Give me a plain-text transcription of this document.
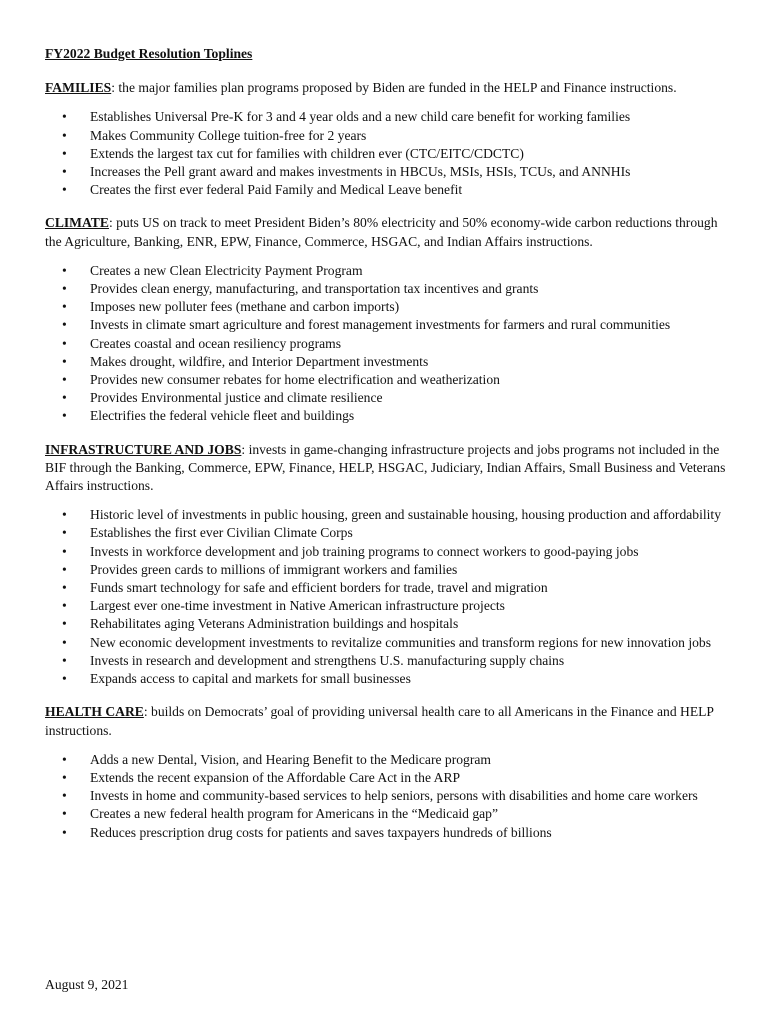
FY2022 Budget Resolution Toplines

FAMILIES: the major families plan programs proposed by Biden are funded in the HELP and Finance instructions.

• Establishes Universal Pre-K for 3 and 4 year olds and a new child care benefit for working families
• Makes Community College tuition-free for 2 years
• Extends the largest tax cut for families with children ever (CTC/EITC/CDCTC)
• Increases the Pell grant award and makes investments in HBCUs, MSIs, HSIs, TCUs, and ANNHIs
• Creates the first ever federal Paid Family and Medical Leave benefit

CLIMATE: puts US on track to meet President Biden’s 80% electricity and 50% economy-wide carbon reductions through the Agriculture, Banking, ENR, EPW, Finance, Commerce, HSGAC, and Indian Affairs instructions.

• Creates a new Clean Electricity Payment Program
• Provides clean energy, manufacturing, and transportation tax incentives and grants
• Imposes new polluter fees (methane and carbon imports)
• Invests in climate smart agriculture and forest management investments for farmers and rural communities
• Creates coastal and ocean resiliency programs
• Makes drought, wildfire, and Interior Department investments
• Provides new consumer rebates for home electrification and weatherization
• Provides Environmental justice and climate resilience
• Electrifies the federal vehicle fleet and buildings

INFRASTRUCTURE AND JOBS: invests in game-changing infrastructure projects and jobs programs not included in the BIF through the Banking, Commerce, EPW, Finance, HELP, HSGAC, Judiciary, Indian Affairs, Small Business and Veterans Affairs instructions.

• Historic level of investments in public housing, green and sustainable housing, housing production and affordability
• Establishes the first ever Civilian Climate Corps
• Invests in workforce development and job training programs to connect workers to good-paying jobs
• Provides green cards to millions of immigrant workers and families
• Funds smart technology for safe and efficient borders for trade, travel and migration
• Largest ever one-time investment in Native American infrastructure projects
• Rehabilitates aging Veterans Administration buildings and hospitals
• New economic development investments to revitalize communities and transform regions for new innovation jobs
• Invests in research and development and strengthens U.S. manufacturing supply chains
• Expands access to capital and markets for small businesses

HEALTH CARE: builds on Democrats’ goal of providing universal health care to all Americans in the Finance and HELP instructions.

• Adds a new Dental, Vision, and Hearing Benefit to the Medicare program
• Extends the recent expansion of the Affordable Care Act in the ARP
• Invests in home and community-based services to help seniors, persons with disabilities and home care workers
• Creates a new federal health program for Americans in the “Medicaid gap”
• Reduces prescription drug costs for patients and saves taxpayers hundreds of billions
August 9, 2021
